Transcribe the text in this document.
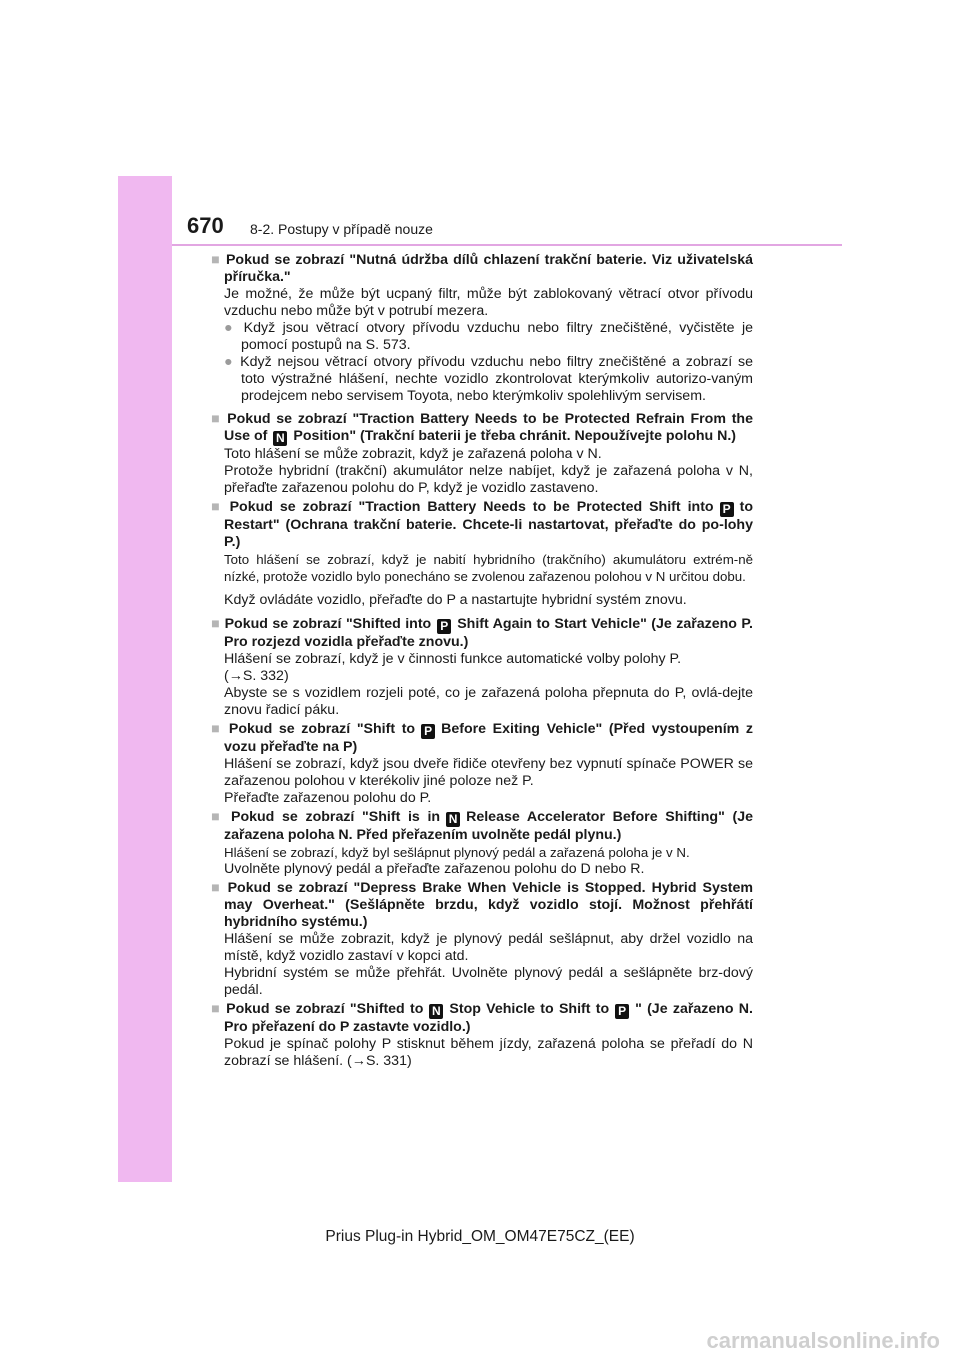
670 8-2. Postupy v případě nouze

■ Pokud se zobrazí "Nutná údržba dílů chlazení trakční baterie. Viz uživatelská příručka."

Je možné, že může být ucpaný filtr, může být zablokovaný větrací otvor přívodu vzduchu nebo může být v potrubí mezera.

● Když jsou větrací otvory přívodu vzduchu nebo filtry znečištěné, vyčistěte je pomocí postupů na S. 573.

● Když nejsou větrací otvory přívodu vzduchu nebo filtry znečištěné a zobrazí se toto výstražné hlášení, nechte vozidlo zkontrolovat kterýmkoliv autorizo-vaným prodejcem nebo servisem Toyota, nebo kterýmkoliv spolehlivým servisem.

■ Pokud se zobrazí "Traction Battery Needs to be Protected Refrain From the Use of N Position" (Trakční baterii je třeba chránit. Nepoužívejte polohu N.)

Toto hlášení se může zobrazit, když je zařazená poloha v N.

Protože hybridní (trakční) akumulátor nelze nabíjet, když je zařazená poloha v N, přeřaďte zařazenou polohu do P, když je vozidlo zastaveno.

■ Pokud se zobrazí "Traction Battery Needs to be Protected Shift into P to Restart" (Ochrana trakční baterie. Chcete-li nastartovat, přeřaďte do po-lohy P.)

Toto hlášení se zobrazí, když je nabití hybridního (trakčního) akumulátoru extrém-ně nízké, protože vozidlo bylo ponecháno se zvolenou zařazenou polohou v N určitou dobu.

Když ovládáte vozidlo, přeřaďte do P a nastartujte hybridní systém znovu.

■ Pokud se zobrazí "Shifted into P Shift Again to Start Vehicle" (Je zařazeno P. Pro rozjezd vozidla přeřaďte znovu.)

Hlášení se zobrazí, když je v činnosti funkce automatické volby polohy P.

(→S. 332)

Abyste se s vozidlem rozjeli poté, co je zařazená poloha přepnuta do P, ovlá-dejte znovu řadicí páku.

■ Pokud se zobrazí "Shift to P Before Exiting Vehicle" (Před vystoupením z vozu přeřaďte na P)

Hlášení se zobrazí, když jsou dveře řidiče otevřeny bez vypnutí spínače POWER se zařazenou polohou v kterékoliv jiné poloze než P.

Přeřaďte zařazenou polohu do P.

■ Pokud se zobrazí "Shift is in N Release Accelerator Before Shifting" (Je zařazena poloha N. Před přeřazením uvolněte pedál plynu.)

Hlášení se zobrazí, když byl sešlápnut plynový pedál a zařazená poloha je v N.

Uvolněte plynový pedál a přeřaďte zařazenou polohu do D nebo R.

■ Pokud se zobrazí "Depress Brake When Vehicle is Stopped. Hybrid System may Overheat." (Sešlápněte brzdu, když vozidlo stojí. Možnost přehřátí hybridního systému.)

Hlášení se může zobrazit, když je plynový pedál sešlápnut, aby držel vozidlo na místě, když vozidlo zastaví v kopci atd.

Hybridní systém se může přehřát. Uvolněte plynový pedál a sešlápněte brz-dový pedál.

■ Pokud se zobrazí "Shifted to N Stop Vehicle to Shift to P " (Je zařazeno N. Pro přeřazení do P zastavte vozidlo.)

Pokud je spínač polohy P stisknut během jízdy, zařazená poloha se přeřadí do N zobrazí se hlášení. (→S. 331)

Prius Plug-in Hybrid_OM_OM47E75CZ_(EE)
carmanualsonline.info
